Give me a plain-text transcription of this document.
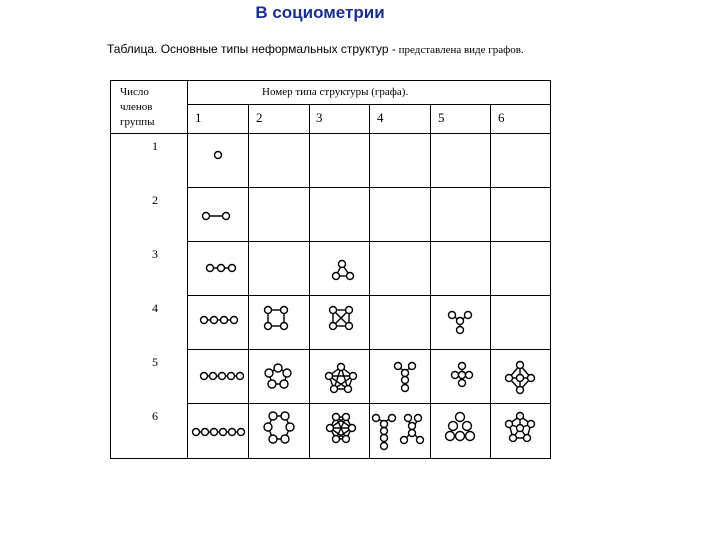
В социометрии
Таблица. Основные типы неформальных структур - представлена виде графов.
Число
членов
группы
Номер типа структуры (графа).
1	2	3	4	5	6
1
2
3
4
5
6
